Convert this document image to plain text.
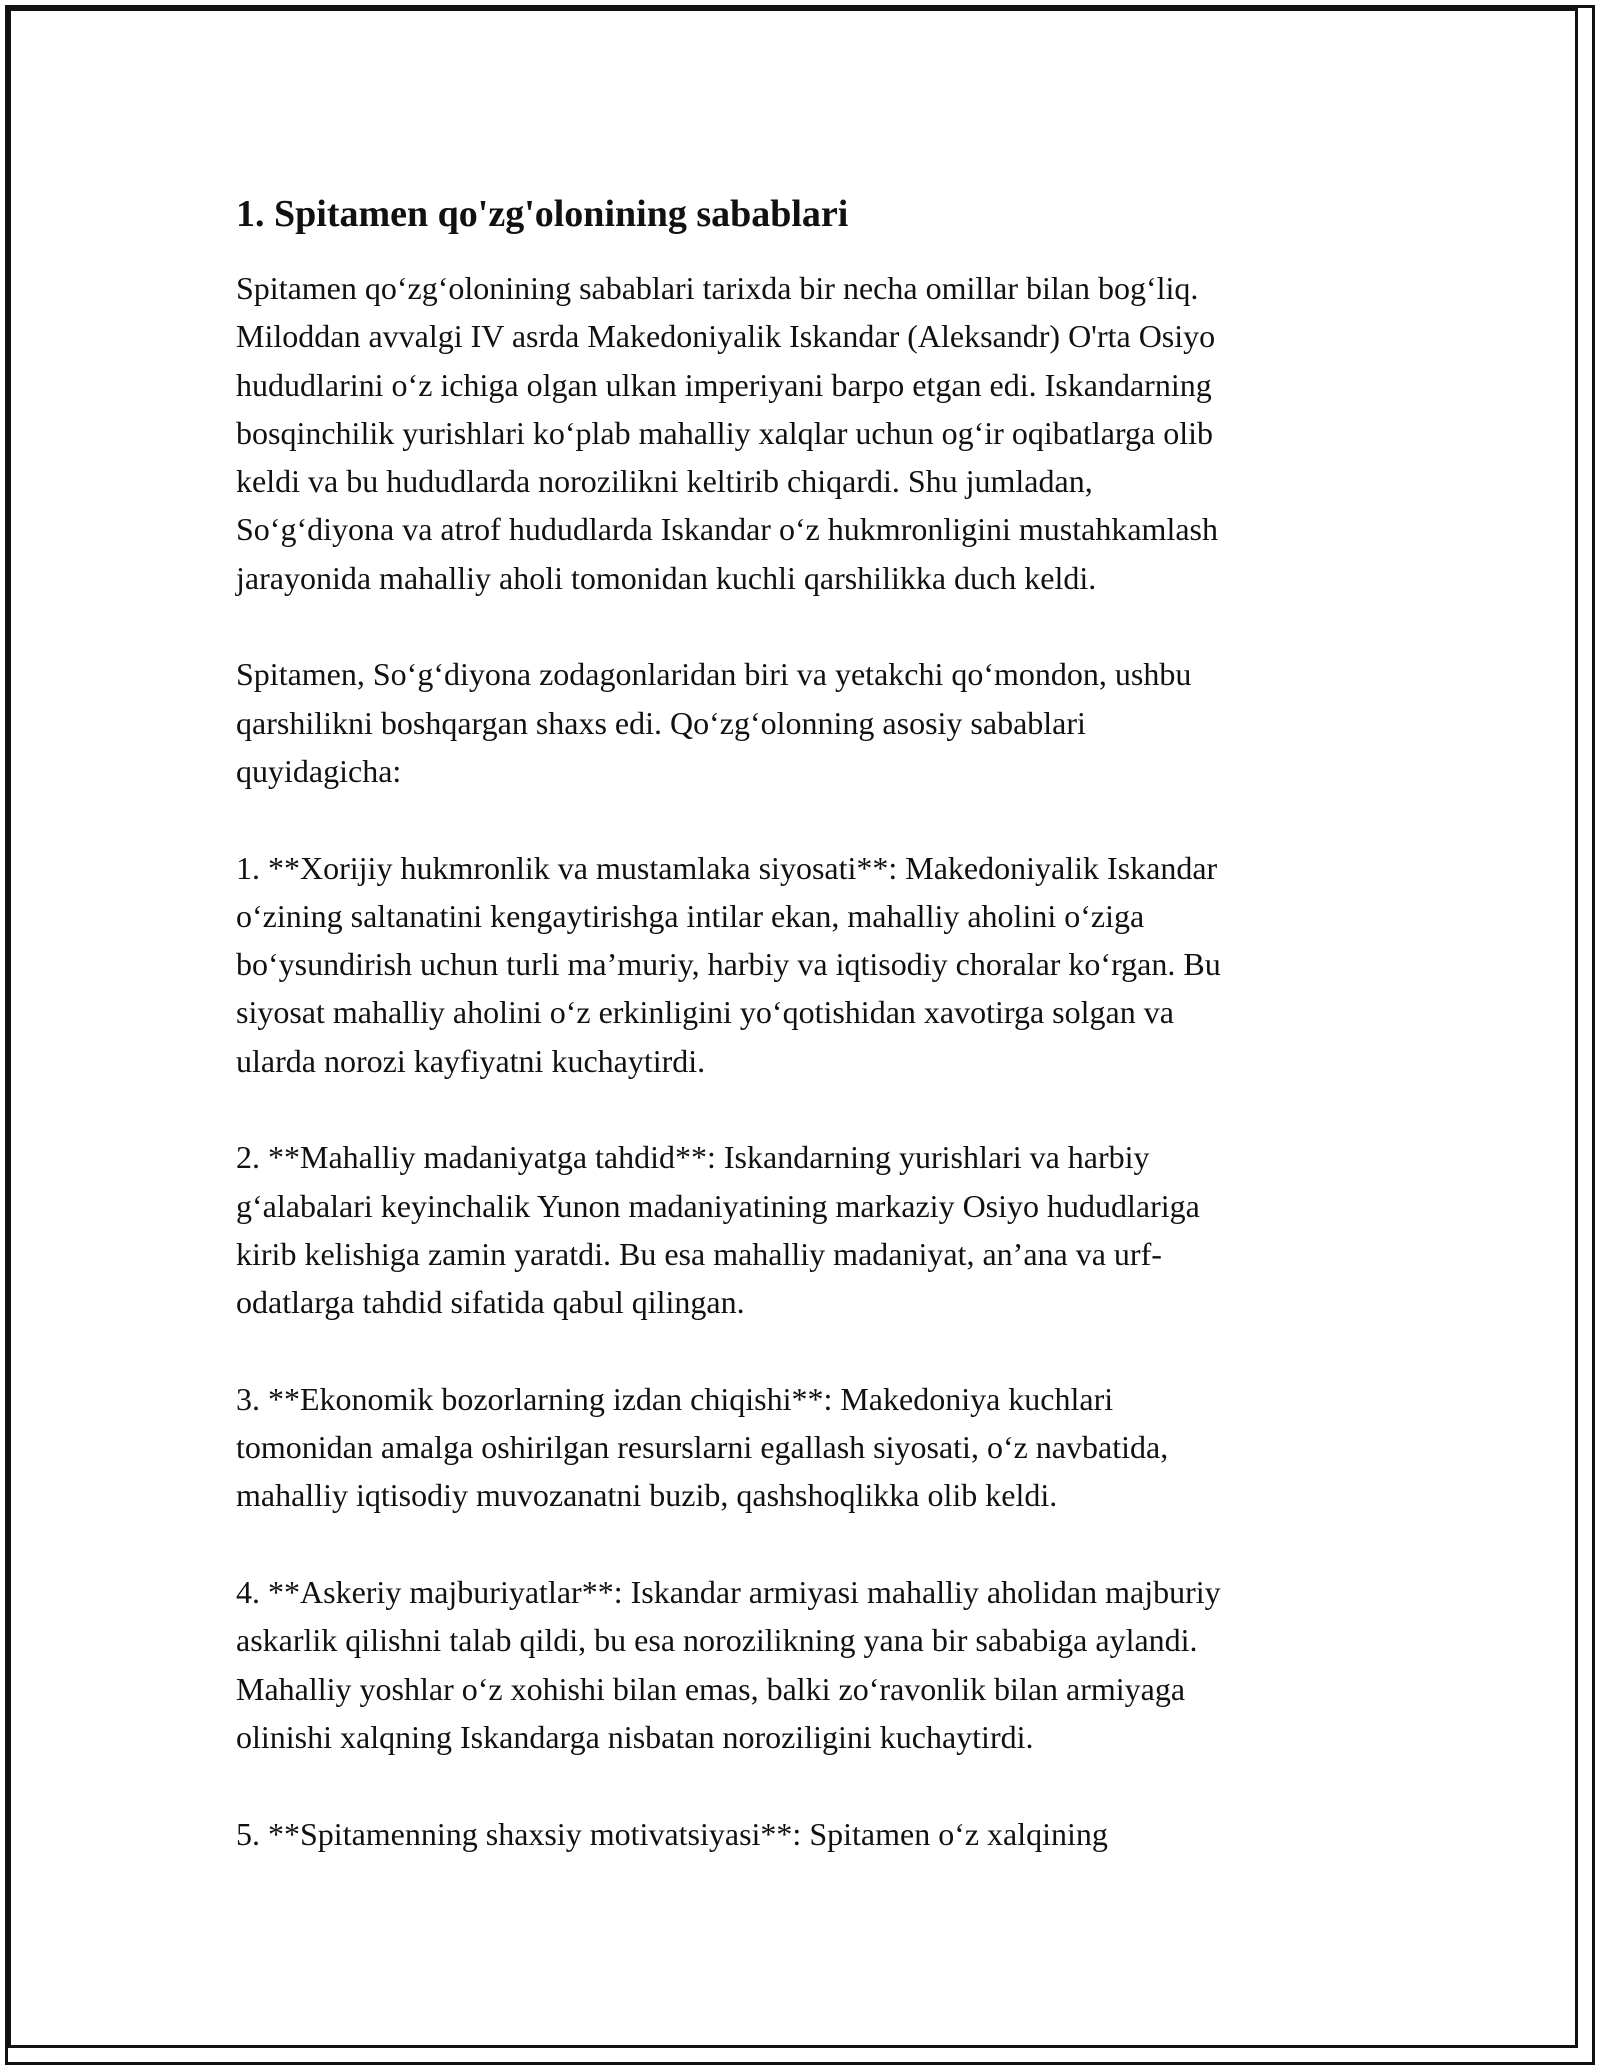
1. Spitamen qo'zg'olonining sabablari

Spitamen qo‘zg‘olonining sabablari tarixda bir necha omillar bilan bog‘liq.
Miloddan avvalgi IV asrda Makedoniyalik Iskandar (Aleksandr) O'rta Osiyo
hududlarini o‘z ichiga olgan ulkan imperiyani barpo etgan edi. Iskandarning
bosqinchilik yurishlari ko‘plab mahalliy xalqlar uchun og‘ir oqibatlarga olib
keldi va bu hududlarda norozilikni keltirib chiqardi. Shu jumladan,
So‘g‘diyona va atrof hududlarda Iskandar o‘z hukmronligini mustahkamlash
jarayonida mahalliy aholi tomonidan kuchli qarshilikka duch keldi.

Spitamen, So‘g‘diyona zodagonlaridan biri va yetakchi qo‘mondon, ushbu
qarshilikni boshqargan shaxs edi. Qo‘zg‘olonning asosiy sabablari
quyidagicha:

1. **Xorijiy hukmronlik va mustamlaka siyosati**: Makedoniyalik Iskandar
o‘zining saltanatini kengaytirishga intilar ekan, mahalliy aholini o‘ziga
bo‘ysundirish uchun turli ma’muriy, harbiy va iqtisodiy choralar ko‘rgan. Bu
siyosat mahalliy aholini o‘z erkinligini yo‘qotishidan xavotirga solgan va
ularda norozi kayfiyatni kuchaytirdi.

2. **Mahalliy madaniyatga tahdid**: Iskandarning yurishlari va harbiy
g‘alabalari keyinchalik Yunon madaniyatining markaziy Osiyo hududlariga
kirib kelishiga zamin yaratdi. Bu esa mahalliy madaniyat, an’ana va urf-
odatlarga tahdid sifatida qabul qilingan.

3. **Ekonomik bozorlarning izdan chiqishi**: Makedoniya kuchlari
tomonidan amalga oshirilgan resurslarni egallash siyosati, o‘z navbatida,
mahalliy iqtisodiy muvozanatni buzib, qashshoqlikka olib keldi.

4. **Askeriy majburiyatlar**: Iskandar armiyasi mahalliy aholidan majburiy
askarlik qilishni talab qildi, bu esa norozilikning yana bir sababiga aylandi.
Mahalliy yoshlar o‘z xohishi bilan emas, balki zo‘ravonlik bilan armiyaga
olinishi xalqning Iskandarga nisbatan noroziligini kuchaytirdi.

5. **Spitamenning shaxsiy motivatsiyasi**: Spitamen o‘z xalqining
